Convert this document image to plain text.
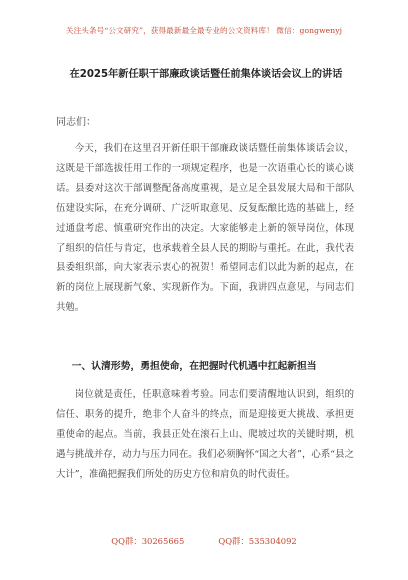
关注头条号“公文研究”，获得最新最全最专业的公文资料库！ 微信：gongwenyj
在2025年新任职干部廉政谈话暨任前集体谈话会议上的讲话
同志们：

今天，我们在这里召开新任职干部廉政谈话暨任前集体谈话会议，这既是干部选拔任用工作的一项规定程序，也是一次语重心长的谈心谈话。县委对这次干部调整配备高度重视，是立足全县发展大局和干部队伍建设实际，在充分调研、广泛听取意见、反复酝酿比选的基础上，经过通盘考虑、慎重研究作出的决定。大家能够走上新的领导岗位，体现了组织的信任与肯定，也承载着全县人民的期盼与重托。在此，我代表县委组织部，向大家表示衷心的祝贺！希望同志们以此为新的起点，在新的岗位上展现新气象、实现新作为。下面，我讲四点意见，与同志们共勉。

一、认清形势，勇担使命，在把握时代机遇中扛起新担当

岗位就是责任，任职意味着考验。同志们要清醒地认识到，组织的信任、职务的提升，绝非个人奋斗的终点，而是迎接更大挑战、承担更重使命的起点。当前，我县正处在滚石上山、爬坡过坎的关键时期，机遇与挑战并存，动力与压力同在。我们必须胸怀“国之大者”，心系“县之大计”，准确把握我们所处的历史方位和肩负的时代责任。

QQ群：30265665	QQ群：535304092
